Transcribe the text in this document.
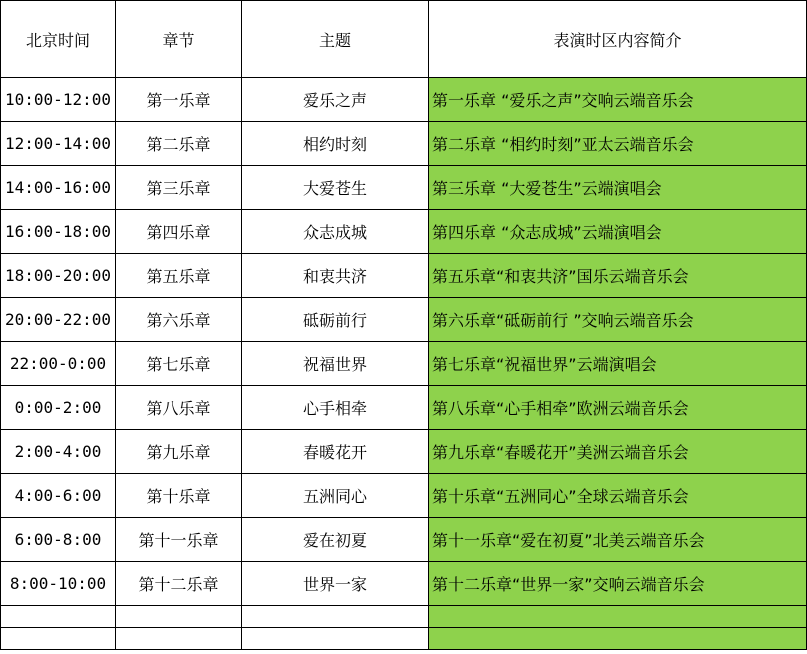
北京时间	章节	主题	表演时区内容简介	
10:00-12:00	第一乐章	爱乐之声	第一乐章 “爱乐之声”交响云端音乐会	
12:00-14:00	第二乐章	相约时刻	第二乐章 “相约时刻”亚太云端音乐会	
14:00-16:00	第三乐章	大爱苍生	第三乐章 “大爱苍生”云端演唱会	
16:00-18:00	第四乐章	众志成城	第四乐章 “众志成城”云端演唱会	
18:00-20:00	第五乐章	和衷共济	第五乐章“和衷共济”国乐云端音乐会	
20:00-22:00	第六乐章	砥砺前行	第六乐章“砥砺前行 ”交响云端音乐会	
22:00-0:00	第七乐章	祝福世界	第七乐章“祝福世界”云端演唱会	
0:00-2:00	第八乐章	心手相牵	第八乐章“心手相牵”欧洲云端音乐会	
2:00-4:00	第九乐章	春暖花开	第九乐章“春暖花开”美洲云端音乐会	
4:00-6:00	第十乐章	五洲同心	第十乐章“五洲同心”全球云端音乐会	
6:00-8:00	第十一乐章	爱在初夏	第十一乐章“爱在初夏”北美云端音乐会	
8:00-10:00	第十二乐章	世界一家	第十二乐章“世界一家”交响云端音乐会	
